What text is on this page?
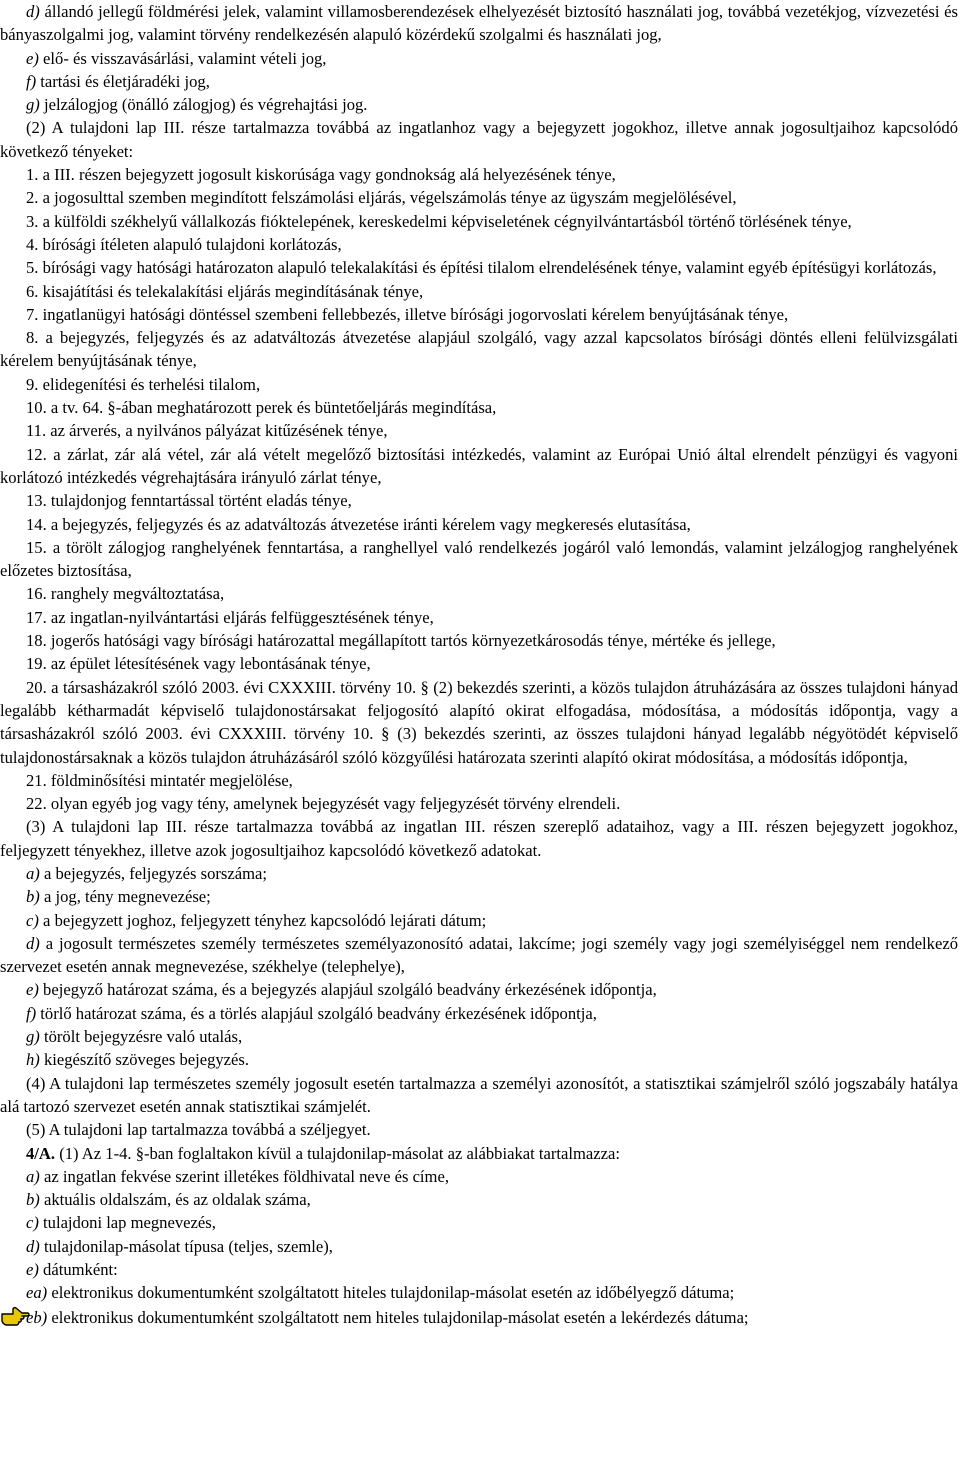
d) állandó jellegű földmérési jelek, valamint villamosberendezések elhelyezését biztosító használati jog, továbbá vezetékjog, vízvezetési és bányaszolgalmi jog, valamint törvény rendelkezésén alapuló közérdekű szolgalmi és használati jog,

e) elő- és visszavásárlási, valamint vételi jog,

f) tartási és életjáradéki jog,

g) jelzálogjog (önálló zálogjog) és végrehajtási jog.

(2) A tulajdoni lap III. része tartalmazza továbbá az ingatlanhoz vagy a bejegyzett jogokhoz, illetve annak jogosultjaihoz kapcsolódó következő tényeket:

1. a III. részen bejegyzett jogosult kiskorúsága vagy gondnokság alá helyezésének ténye,

2. a jogosulttal szemben megindított felszámolási eljárás, végelszámolás ténye az ügyszám megjelölésével,

3. a külföldi székhelyű vállalkozás fióktelepének, kereskedelmi képviseletének cégnyilvántartásból történő törlésének ténye,

4. bírósági ítéleten alapuló tulajdoni korlátozás,

5. bírósági vagy hatósági határozaton alapuló telekalakítási és építési tilalom elrendelésének ténye, valamint egyéb építésügyi korlátozás,

6. kisajátítási és telekalakítási eljárás megindításának ténye,

7. ingatlanügyi hatósági döntéssel szembeni fellebbezés, illetve bírósági jogorvoslati kérelem benyújtásának ténye,

8. a bejegyzés, feljegyzés és az adatváltozás átvezetése alapjául szolgáló, vagy azzal kapcsolatos bírósági döntés elleni felülvizsgálati kérelem benyújtásának ténye,

9. elidegenítési és terhelési tilalom,

10. a tv. 64. §-ában meghatározott perek és büntetőeljárás megindítása,

11. az árverés, a nyilvános pályázat kitűzésének ténye,

12. a zárlat, zár alá vétel, zár alá vételt megelőző biztosítási intézkedés, valamint az Európai Unió által elrendelt pénzügyi és vagyoni korlátozó intézkedés végrehajtására irányuló zárlat ténye,

13. tulajdonjog fenntartással történt eladás ténye,

14. a bejegyzés, feljegyzés és az adatváltozás átvezetése iránti kérelem vagy megkeresés elutasítása,

15. a törölt zálogjog ranghelyének fenntartása, a ranghellyel való rendelkezés jogáról való lemondás, valamint jelzálogjog ranghelyének előzetes biztosítása,

16. ranghely megváltoztatása,

17. az ingatlan-nyilvántartási eljárás felfüggesztésének ténye,

18. jogerős hatósági vagy bírósági határozattal megállapított tartós környezetkárosodás ténye, mértéke és jellege,

19. az épület létesítésének vagy lebontásának ténye,

20. a társasházakról szóló 2003. évi CXXXIII. törvény 10. § (2) bekezdés szerinti, a közös tulajdon átruházására az összes tulajdoni hányad legalább kétharmadát képviselő tulajdonostársakat feljogosító alapító okirat elfogadása, módosítása, a módosítás időpontja, vagy a társasházakról szóló 2003. évi CXXXIII. törvény 10. § (3) bekezdés szerinti, az összes tulajdoni hányad legalább négyötödét képviselő tulajdonostársaknak a közös tulajdon átruházásáról szóló közgyűlési határozata szerinti alapító okirat módosítása, a módosítás időpontja,

21. földminősítési mintatér megjelölése,

22. olyan egyéb jog vagy tény, amelynek bejegyzését vagy feljegyzését törvény elrendeli.

(3) A tulajdoni lap III. része tartalmazza továbbá az ingatlan III. részen szereplő adataihoz, vagy a III. részen bejegyzett jogokhoz, feljegyzett tényekhez, illetve azok jogosultjaihoz kapcsolódó következő adatokat.

a) a bejegyzés, feljegyzés sorszáma;

b) a jog, tény megnevezése;

c) a bejegyzett joghoz, feljegyzett tényhez kapcsolódó lejárati dátum;

d) a jogosult természetes személy természetes személyazonosító adatai, lakcíme; jogi személy vagy jogi személyiséggel nem rendelkező szervezet esetén annak megnevezése, székhelye (telephelye),

e) bejegyző határozat száma, és a bejegyzés alapjául szolgáló beadvány érkezésének időpontja,

f) törlő határozat száma, és a törlés alapjául szolgáló beadvány érkezésének időpontja,

g) törölt bejegyzésre való utalás,

h) kiegészítő szöveges bejegyzés.

(4) A tulajdoni lap természetes személy jogosult esetén tartalmazza a személyi azonosítót, a statisztikai számjelről szóló jogszabály hatálya alá tartozó szervezet esetén annak statisztikai számjelét.

(5) A tulajdoni lap tartalmazza továbbá a széljegyet.

4/A. (1) Az 1-4. §-ban foglaltakon kívül a tulajdonilap-másolat az alábbiakat tartalmazza:

a) az ingatlan fekvése szerint illetékes földhivatal neve és címe,

b) aktuális oldalszám, és az oldalak száma,

c) tulajdoni lap megnevezés,

d) tulajdonilap-másolat típusa (teljes, szemle),

e) dátumként:

ea) elektronikus dokumentumként szolgáltatott hiteles tulajdonilap-másolat esetén az időbélyegző dátuma;

eb) elektronikus dokumentumként szolgáltatott nem hiteles tulajdonilap-másolat esetén a lekérdezés dátuma;
